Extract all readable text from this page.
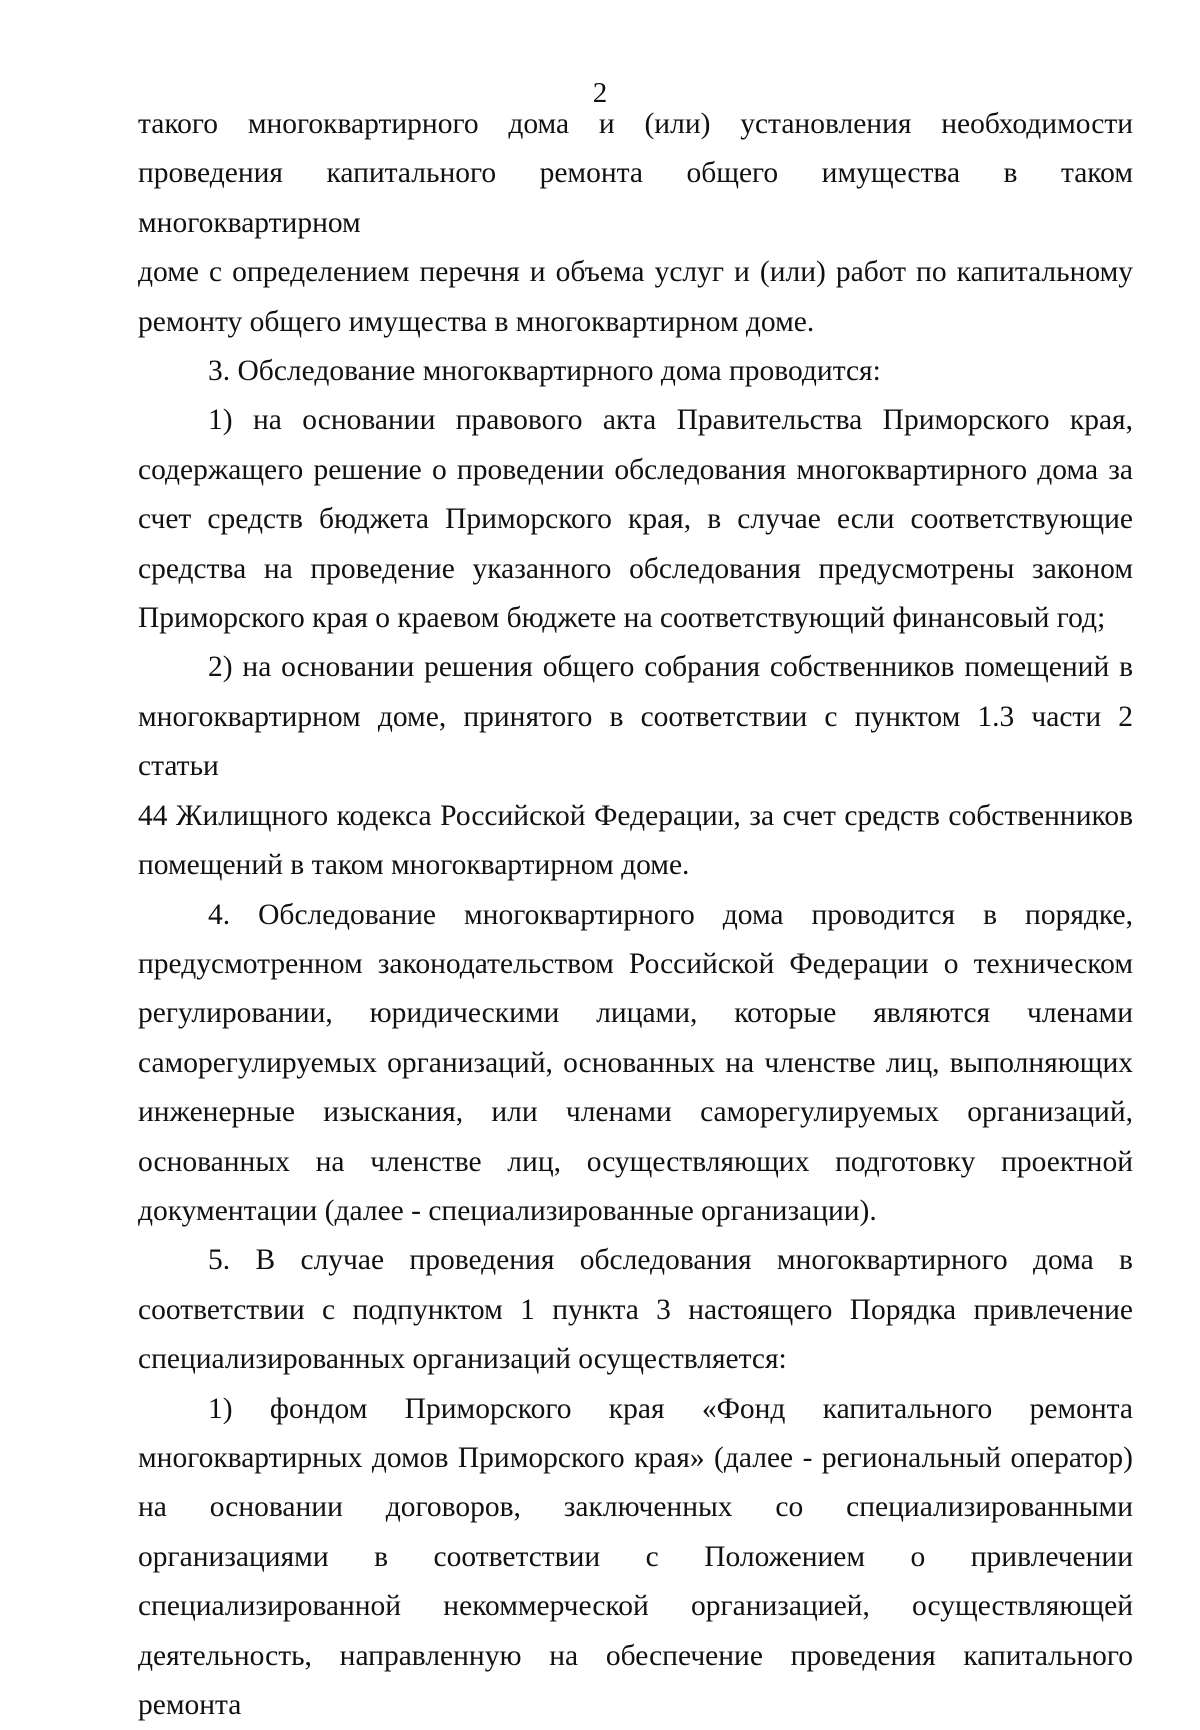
2

такого многоквартирного дома и (или) установления необходимости

проведения капитального ремонта общего имущества в таком многоквартирном

доме с определением перечня и объема услуг и (или) работ по капитальному

ремонту общего имущества в многоквартирном доме.

3. Обследование многоквартирного дома проводится:

1) на основании правового акта Правительства Приморского края,

содержащего решение о проведении обследования многоквартирного дома за

счет средств бюджета Приморского края, в случае если соответствующие

средства на проведение указанного обследования предусмотрены законом

Приморского края о краевом бюджете на соответствующий финансовый год;

2) на основании решения общего собрания собственников помещений в

многоквартирном доме, принятого в соответствии с пунктом 1.3 части 2 статьи

44 Жилищного кодекса Российской Федерации, за счет средств собственников

помещений в таком многоквартирном доме.

4. Обследование многоквартирного дома проводится в порядке,

предусмотренном законодательством Российской Федерации о техническом

регулировании, юридическими лицами, которые являются членами

саморегулируемых организаций, основанных на членстве лиц, выполняющих

инженерные изыскания, или членами саморегулируемых организаций,

основанных на членстве лиц, осуществляющих подготовку проектной

документации (далее - специализированные организации).

5. В случае проведения обследования многоквартирного дома в

соответствии с подпунктом 1 пункта 3 настоящего Порядка привлечение

специализированных организаций осуществляется:

1) фондом Приморского края «Фонд капитального ремонта

многоквартирных домов Приморского края» (далее - региональный оператор)

на основании договоров, заключенных со специализированными

организациями в соответствии с Положением о привлечении

специализированной некоммерческой организацией, осуществляющей

деятельность, направленную на обеспечение проведения капитального ремонта
